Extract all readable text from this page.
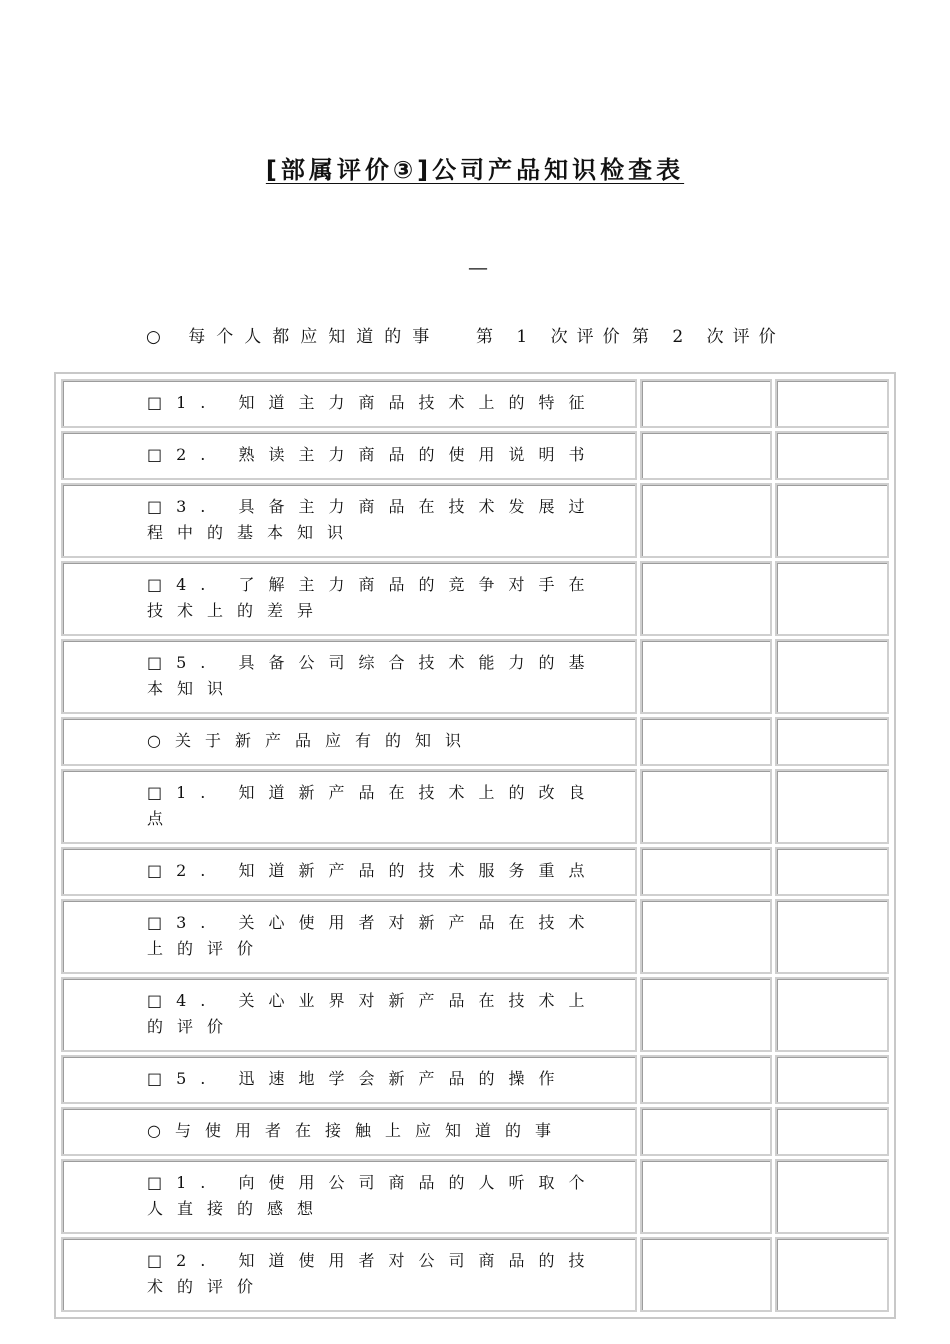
[部属评价③]公司产品知识检查表
—
○ 每个人都应知道的事 第 1 次评价 第 2 次评价
□1. 知道主力商品技术上的特征		

□2. 熟读主力商品的使用说明书		

□3. 具备主力商品在技术发展过程中的基本知识		

□4. 了解主力商品的竞争对手在技术上的差异		

□5. 具备公司综合技术能力的基本知识		

○关于新产品应有的知识		

□1. 知道新产品在技术上的改良点		

□2. 知道新产品的技术服务重点		

□3. 关心使用者对新产品在技术上的评价		

□4. 关心业界对新产品在技术上的评价		

□5. 迅速地学会新产品的操作		

○与使用者在接触上应知道的事		

□1. 向使用公司商品的人听取个人直接的感想		

□2. 知道使用者对公司商品的技术的评价		
